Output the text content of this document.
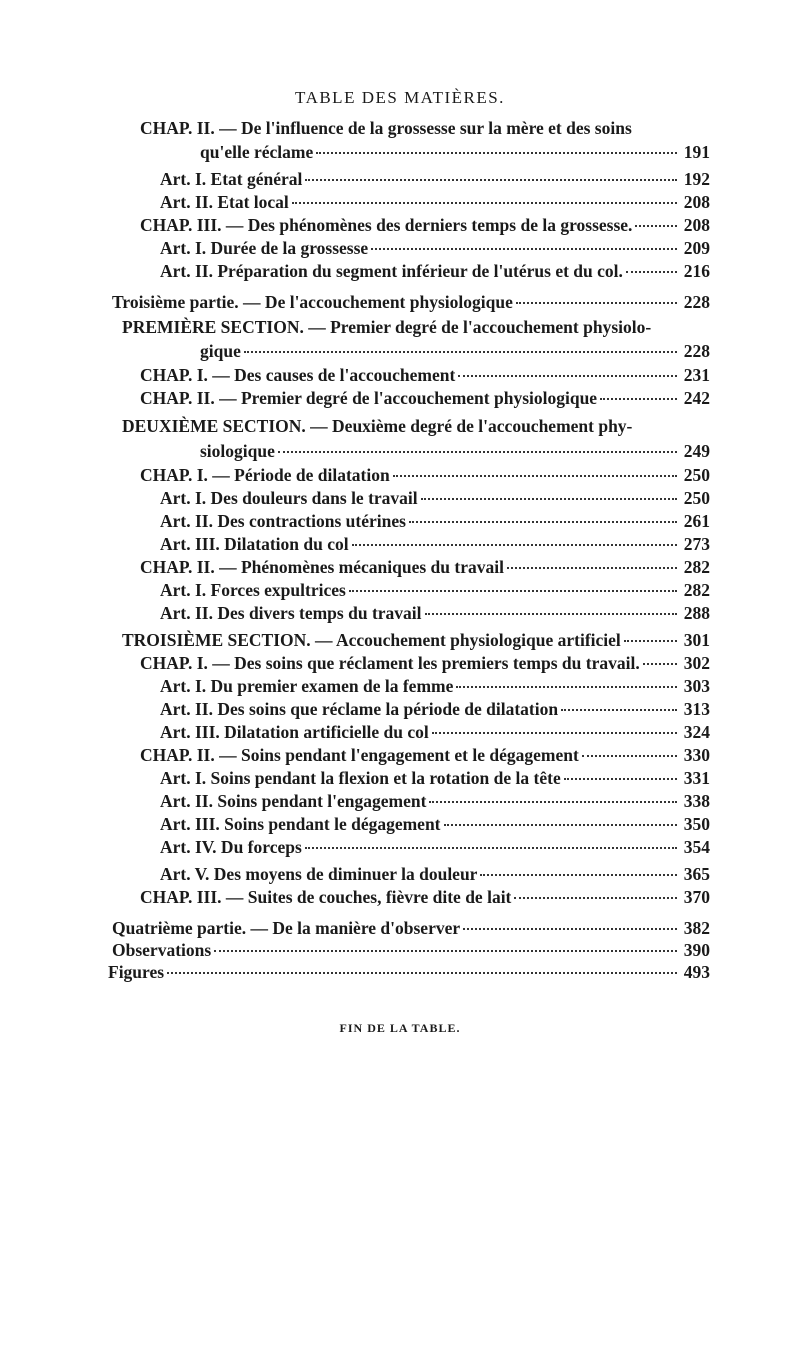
TABLE DES MATIÈRES.
CHAP. II. — De l'influence de la grossesse sur la mère et des soins
qu'elle réclame	191
Art. I. Etat général	192
Art. II. Etat local	208
CHAP. III. — Des phénomènes des derniers temps de la grossesse.	208
Art. I. Durée de la grossesse	209
Art. II. Préparation du segment inférieur de l'utérus et du col.	216
Troisième partie. — De l'accouchement physiologique	228
PREMIÈRE SECTION. — Premier degré de l'accouchement physiolo-
gique	228
CHAP. I. — Des causes de l'accouchement	231
CHAP. II. — Premier degré de l'accouchement physiologique	242
DEUXIÈME SECTION. — Deuxième degré de l'accouchement phy-
siologique	249
CHAP. I. — Période de dilatation	250
Art. I. Des douleurs dans le travail	250
Art. II. Des contractions utérines	261
Art. III. Dilatation du col	273
CHAP. II. — Phénomènes mécaniques du travail	282
Art. I. Forces expultrices	282
Art. II. Des divers temps du travail	288
TROISIÈME SECTION. — Accouchement physiologique artificiel	301
CHAP. I. — Des soins que réclament les premiers temps du travail.	302
Art. I. Du premier examen de la femme	303
Art. II. Des soins que réclame la période de dilatation	313
Art. III. Dilatation artificielle du col	324
CHAP. II. — Soins pendant l'engagement et le dégagement	330
Art. I. Soins pendant la flexion et la rotation de la tête	331
Art. II. Soins pendant l'engagement	338
Art. III. Soins pendant le dégagement	350
Art. IV. Du forceps	354
Art. V. Des moyens de diminuer la douleur	365
CHAP. III. — Suites de couches, fièvre dite de lait	370
Quatrième partie. — De la manière d'observer	382
Observations	390
Figures	493
FIN DE LA TABLE.
